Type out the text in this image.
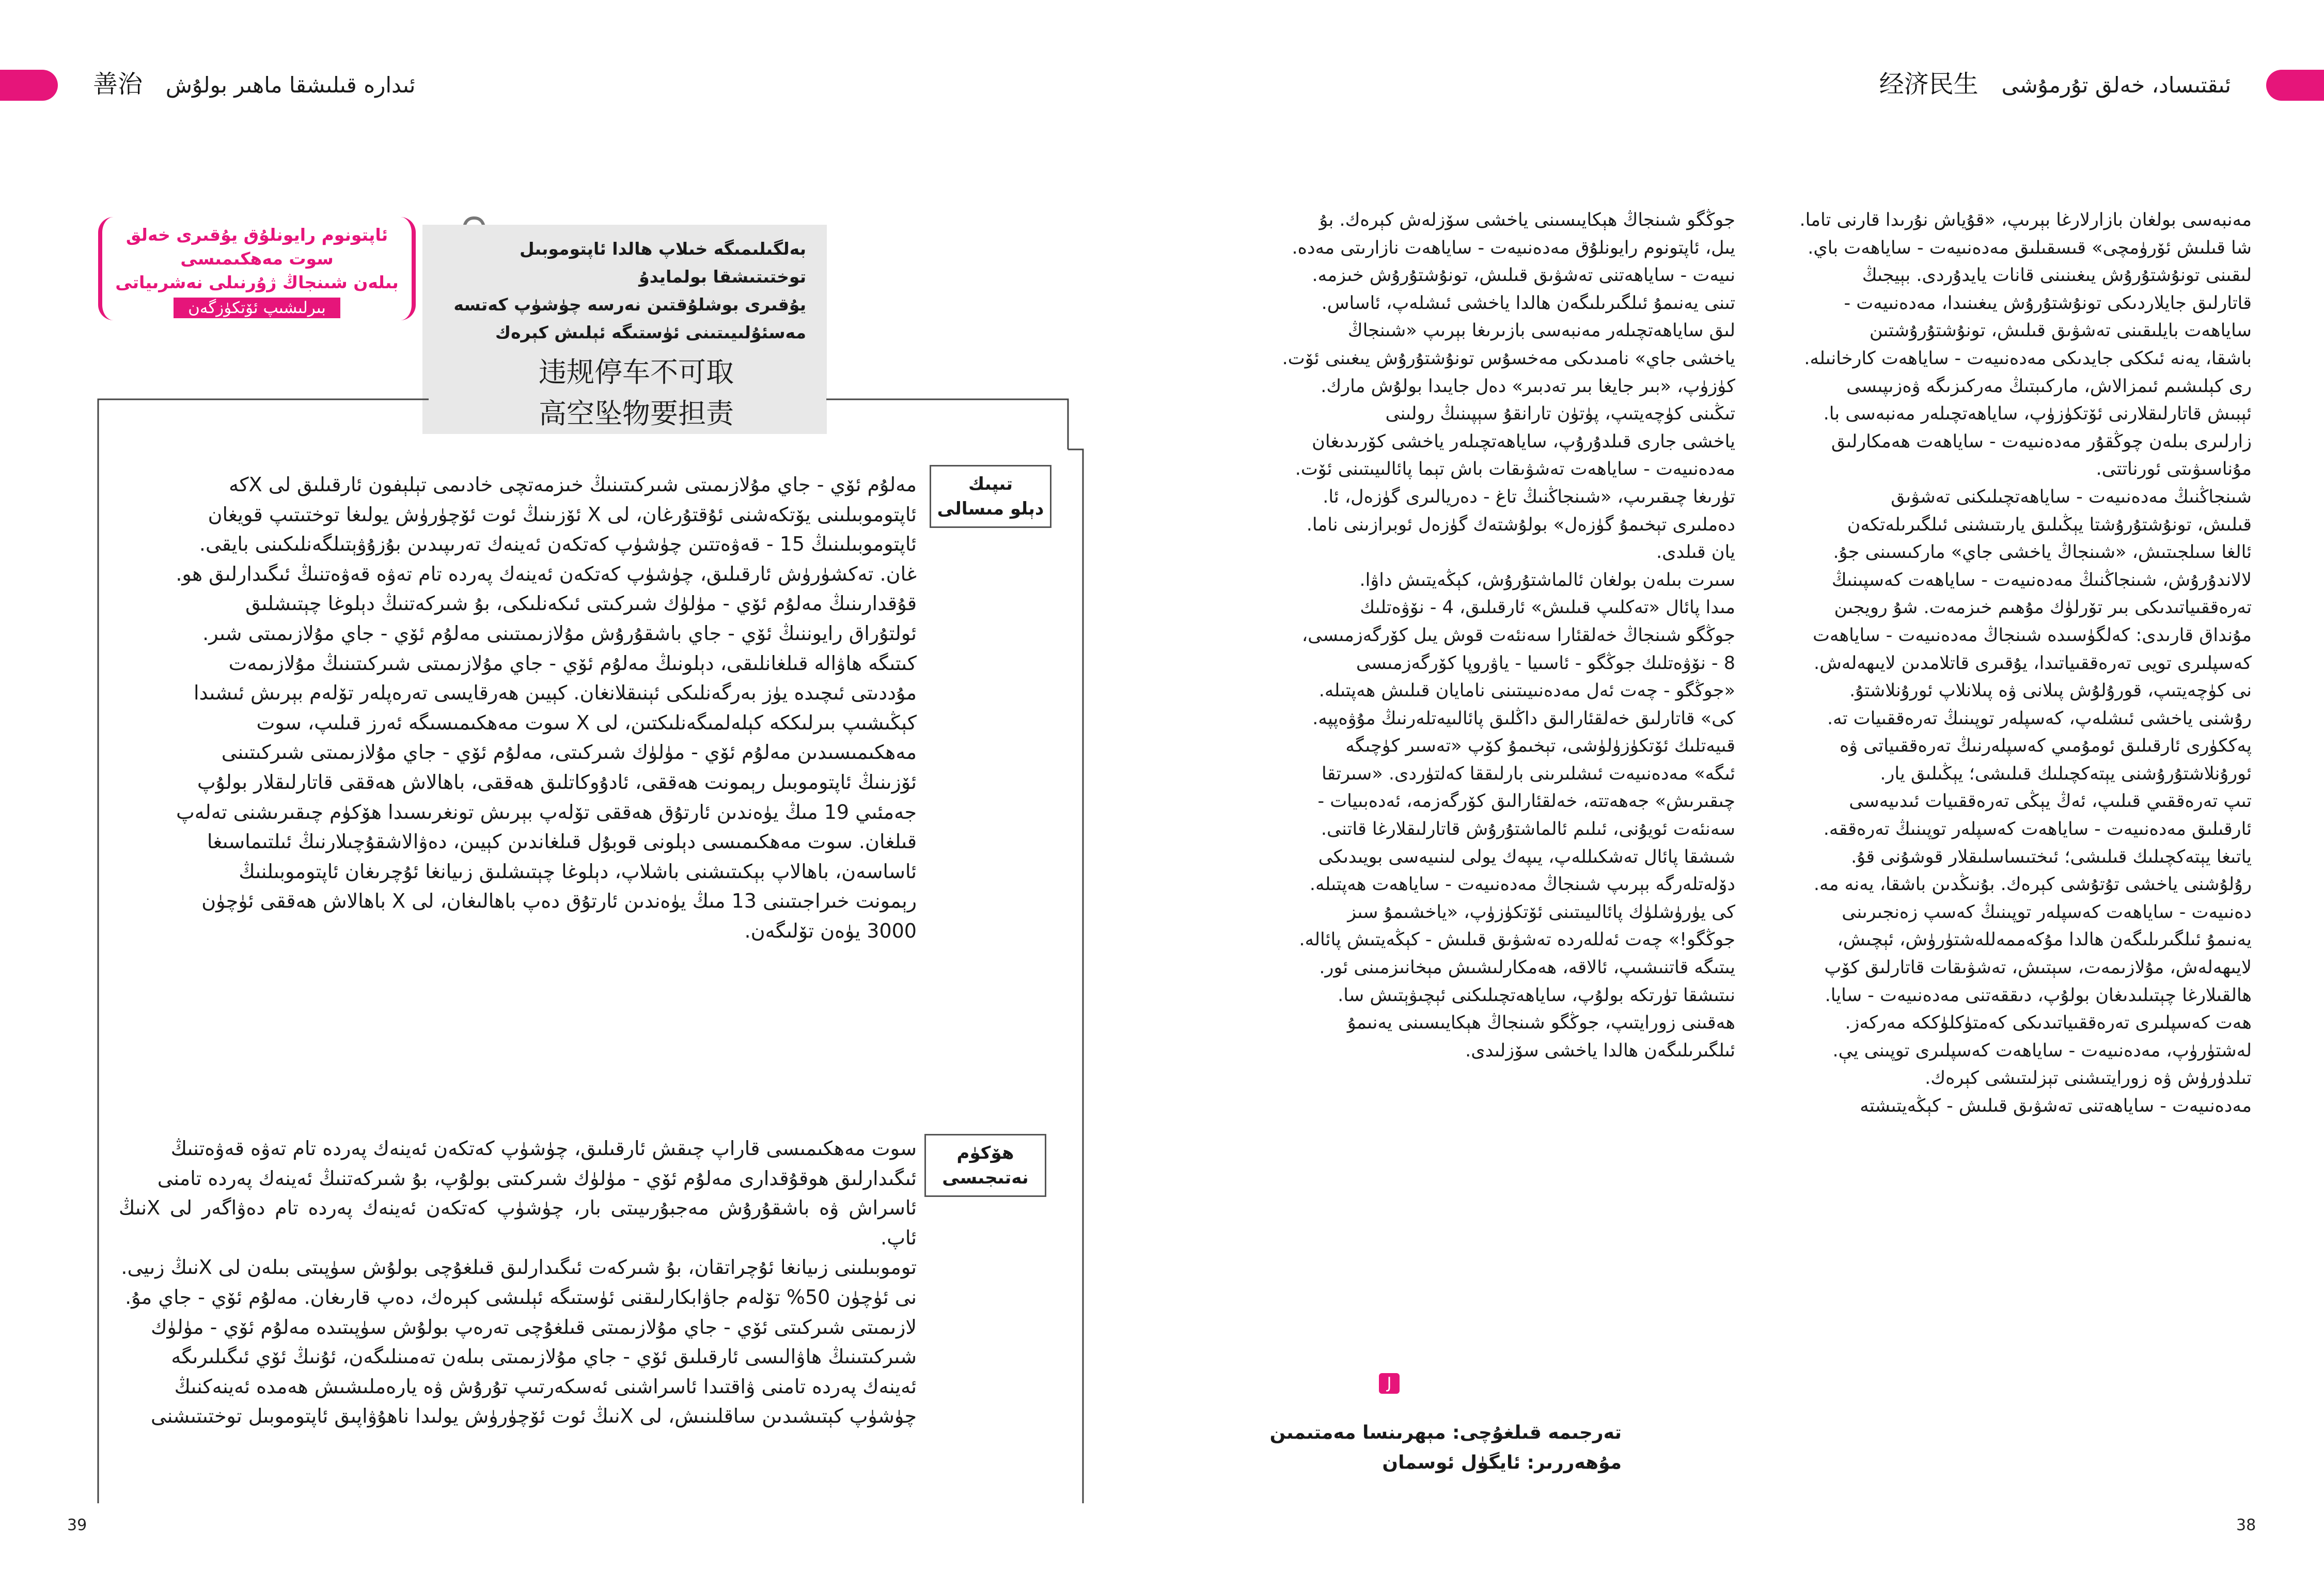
善治 ئىدارە قىلىشقا ماھىر بولۇش	经济民生 ئىقتىساد، خەلق تۇرمۇشى
ئاپتونوم رايونلۇق يۇقىرى خەلق سوت مەھكىمىسى
بىلەن شىنجاڭ ژۇرنىلى نەشرىياتى
بىرلىشىپ ئۆتكۈزگەن
بەلگىلىمىگە خىلاپ ھالدا ئاپتوموبىل توختىتىشقا بولمايدۇ
يۇقىرى بوشلۇقتىن نەرسە چۈشۈپ كەتسە مەسئۇلىيىتىنى ئۈستىگە ئېلىش كېرەك
违规停车不可取
高空坠物要担责
تىپىك
دېلو مىسالى
ھۆكۈم
نەتىجىسى

مەلۇم ئۆي - جاي مۇلازىمىتى شىركىتىنىڭ خىزمەتچى خادىمى تېلېفون ئارقىلىق لى Xكە

ئاپتوموبىلىنى يۆتكەشنى ئۇقتۇرغان، لى X ئۆزىنىڭ ئوت ئۆچۈرۈش يولىغا توختىتىپ قويغان

ئاپتوموبىلىنىڭ 15 - قەۋەتتىن چۈشۈپ كەتكەن ئەينەك تەرىپىدىن بۇزۇۋېتىلگەنلىكىنى بايقى.

غان. تەكشۈرۈش ئارقىلىق، چۈشۈپ كەتكەن ئەينەك پەردە تام تەۋە قەۋەتنىڭ ئىگىدارلىق ھو.

قۇقدارىنىڭ مەلۇم ئۆي - مۈلۈك شىركىتى ئىكەنلىكى، بۇ شىركەتنىڭ دېلوغا چېتىشلىق

ئولتۇراق رايوننىڭ ئۆي - جاي باشقۇرۇش مۇلازىمىتىنى مەلۇم ئۆي - جاي مۇلازىمىتى شىر.

كىتىگە ھاۋالە قىلغانلىقى، دېلونىڭ مەلۇم ئۆي - جاي مۇلازىمىتى شىركىتىنىڭ مۇلازىمەت

مۇددىتى ئىچىدە يۈز بەرگەنلىكى ئېنىقلانغان. كېيىن ھەرقايسى تەرەپلەر تۆلەم بېرىش ئىشىدا

كېڭىشىپ بىرلىككە كېلەلمىگەنلىكتىن، لى X سوت مەھكىمىسىگە ئەرز قىلىپ، سوت

مەھكىمىسىدىن مەلۇم ئۆي - مۈلۈك شىركىتى، مەلۇم ئۆي - جاي مۇلازىمىتى شىركىتىنى

ئۆزىنىڭ ئاپتوموبىل رېمونت ھەققى، ئادۇوكاتلىق ھەققى، باھالاش ھەققى قاتارلىقلار بولۇپ

جەمئىي 19 مىڭ يۈەندىن ئارتۇق ھەققى تۆلەپ بېرىش تونغرىسىدا ھۆكۈم چىقىرىشنى تەلەپ

قىلغان. سوت مەھكىمىسى دېلونى قوبۇل قىلغاندىن كېيىن، دەۋالاشقۇچىلارنىڭ ئىلتىماسىغا

ئاساسەن، باھالاپ بېكىتىشنى باشلاپ، دېلوغا چېتىشلىق زىيانغا ئۇچرىغان ئاپتوموبىلنىڭ

رېمونت خىراجىتىنى 13 مىڭ يۈەندىن ئارتۇق دەپ باھالىغان، لى X باھالاش ھەققى ئۈچۈن

3000 يۈەن تۆلىگەن.

سوت مەھكىمىسى قاراپ چىقش ئارقىلىق، چۈشۈپ كەتكەن ئەينەك پەردە تام تەۋە قەۋەتنىڭ

ئىگىدارلىق ھوقۇقدارى مەلۇم ئۆي - مۈلۈك شىركىتى بولۇپ، بۇ شىركەتنىڭ ئەينەك پەردە تامنى

ئاسراش ۋە باشقۇرۇش مەجبۇرىيىتى بار، چۈشۈپ كەتكەن ئەينەك پەردە تام دەۋاگەر لى Xنىڭ ئاپ.

توموبىلىنى زىيانغا ئۇچراتقان، بۇ شىركەت ئىگىدارلىق قىلغۇچى بولۇش سۈپىتى بىلەن لى Xنىڭ زىيى.

نى ئۈچۈن 50% تۆلەم جاۋابكارلىقنى ئۈستىگە ئېلىشى كېرەك، دەپ قارىغان. مەلۇم ئۆي - جاي مۇ.

لازىمىتى شىركىتى ئۆي - جاي مۇلازىمىتى قىلغۇچى تەرەپ بولۇش سۈپىتىدە مەلۇم ئۆي - مۈلۈك

شىركىتىنىڭ ھاۋالىسى ئارقىلىق ئۆي - جاي مۇلازىمىتى بىلەن تەمىنلىگەن، ئۇنىڭ ئۆي ئىگىلىرىگە

ئەينەك پەردە تامنى ۋاقتىدا ئاسراشنى ئەسكەرتىپ تۇرۇش ۋە يارەملىشىش ھەمدە ئەينەكنىڭ

چۈشۈپ كېتىشىدىن ساقلىنىش، لى Xنىڭ ئوت ئۆچۈرۈش يولىدا ناھۇۋاپىق ئاپتوموبىل توختىتىشنى

39

مەنبەسى بولغان بازارلارغا بېرىپ، «قۇياش نۇرىدا قارنى تاما.

شا قىلىش ئۆرۈمچى» قىسقىلىق مەدەنىيەت - ساياھەت باي.

لىقىنى تونۇشتۇرۇش يىغىنىنى قانات يايدۇردى. بېيجىڭ

قاتارلىق جايلاردىكى تونۇشتۇرۇش يىغىنىدا، مەدەنىيەت -

ساياھەت بايلىقىنى تەشۋىق قىلىش، تونۇشتۇرۇشتىن

باشقا، يەنە ئىككى جايدىكى مەدەنىيەت - ساياھەت كارخانىلە.

رى كېلىشىم ئىمزالاش، ماركىبتىڭ مەركىزىگە ۋەزىپىسى

ئېبىش قاتارلىقلارنى ئۆتكۈزۈپ، ساياھەتچىلەر مەنبەسى با.

زارلىرى بىلەن چوڭقۇر مەدەنىيەت - ساياھەت ھەمكارلىق

مۇناسىۋىتى ئورناتتى.

شىنجاڭنىڭ مەدەنىيەت - ساياھەتچىلىكنى تەشۋىق

قىلىش، تونۇشتۇرۇشتا يېڭىلىق يارىتىشنى ئىلگىرىلەتكەن

ئالغا سىلجىتىش، «شىنجاڭ ياخشى جاي» ماركىسىنى جۇ.

لالاندۇرۇش، شىنجاڭنىڭ مەدەنىيەت - ساياھەت كەسپىنىڭ

تەرەققىياتىدىكى بىر تۆرلۈك مۇھىم خىزمەت. شۇ رويجىن

مۇنداق قارىدى: كەلگۈسىدە شىنجاڭ مەدەنىيەت - ساياھەت

كەسپلىرى تويى تەرەققىياتىدا، يۇقىرى قاتلامدىن لايىھەلەش.

نى كۈچەيتىپ، قورۇلۇش پىلانى ۋە پىلانلاپ ئورۇنلاشتۇ.

رۇشنى ياخشى ئىشلەپ، كەسپلەر توپىنىڭ تەرەققىيات تە.

پەككۈرى ئارقىلىق ئومۇمىي كەسپلەرنىڭ تەرەققىياتى ۋە

ئورۇنلاشتۇرۇشنى يېتەكچىلىك قىلىشى؛ يېڭىلىق يار.

تىپ تەرەققىي قىلىپ، ئەڭ يېڭى تەرەققىيات ئىدىيەسى

ئارقىلىق مەدەنىيەت - ساياھەت كەسپلەر توپىنىڭ تەرەققە.

ياتىغا يېتەكچىلىك قىلىشى؛ ئىختىساسلىقلار قوشۇنى قۇ.

رۇلۇشنى ياخشى تۇتۇشى كېرەك. بۇنىڭدىن باشقا، يەنە مە.

دەنىيەت - ساياھەت كەسپلەر توپىنىڭ كەسپ زەنجىرىنى

يەنىمۇ ئىلگىرىلىگەن ھالدا مۇكەممەللەشتۈرۈش، ئېچىش،

لايىھەلەش، مۇلازىمەت، سېتىش، تەشۋىقات قاتارلىق كۆپ

ھالقىلارغا چېتىلىدىغان بولۇپ، دىققەتنى مەدەنىيەت - سايا.

ھەت كەسپلىرى تەرەققىياتىدىكى كەمتۈكلۈككە مەركەز.

لەشتۈرۈپ، مەدەنىيەت - ساياھەت كەسپلىرى توپىنى يې.

تىلدۈرۈش ۋە زورايتىشنى تېزلىتىشى كېرەك.

مەدەنىيەت - ساياھەتنى تەشۋىق قىلىش - كېڭەيتىشتە

جوڭگو شىنجاڭ ھېكايىسىنى ياخشى سۆزلەش كېرەك. بۇ

يىل، ئاپتونوم رايونلۇق مەدەنىيەت - ساياھەت نازارىتى مەدە.

نىيەت - ساياھەتنى تەشۋىق قىلىش، تونۇشتۇرۇش خىزمە.

تىنى يەنىمۇ ئىلگىرىلىگەن ھالدا ياخشى ئىشلەپ، ئاساس.

لىق ساياھەتچىلەر مەنبەسى بازىرىغا بېرىپ «شىنجاڭ

ياخشى جاي» نامىدىكى مەخسۇس تونۇشتۇرۇش يىغىنى ئۆت.

كۈزۈپ، «بىر جايغا بىر تەدبىر» دەل جايىدا بولۇش مارك.

تىڭىنى كۈچەيتىپ، پۈتۈن تارانقۇ سېپىنىڭ رولىنى

ياخشى جارى قىلدۇرۇپ، ساياھەتچىلەر ياخشى كۆرىدىغان

مەدەنىيەت - ساياھەت تەشۋىقات باش تېما پائالىيىتىنى ئۆت.

تۈرىغا چىقىرىپ، «شىنجاڭنىڭ تاغ - دەريالىرى گۈزەل، ئا.

دەملىرى تېخىمۇ گۈزەل» بولۇشتەك گۈزەل ئوبرازىنى ناما.

يان قىلدى.

سىرت بىلەن بولغان ئالماشتۇرۇش، كېڭەيتىش داۋا.

مىدا پائال «تەكلىپ قىلىش» ئارقىلىق، 4 - نۆۋەتلىك

جوڭگو شىنجاڭ خەلقئارا سەنئەت قوش يىل كۆرگەزمىسى،

8 - نۆۋەتلىك جوڭگو - ئاسىيا - ياۋروپا كۆرگەزمىسى

«جوڭگو - چەت ئەل مەدەنىيىتىنى نامايان قىلىش ھەپتىلە.

كى» قاتارلىق خەلقئارالىق داڭلىق پائالىيەتلەرنىڭ مۇۋەپپە.

قىيەتلىك ئۆتكۈزۈلۈشى، تېخىمۇ كۆپ «تەسىر كۈچىگە

ئىگە» مەدەنىيەت ئىشلىرىنى بارلىققا كەلتۈردى. «سىرتقا

چىقىرىش» جەھەتتە، خەلقئارالىق كۆرگەزمە، ئەدەبىيات -

سەنئەت ئويۇنى، ئىلىم ئالماشتۇرۇش قاتارلىقلارغا قاتنى.

شىشقا پائال تەشكىللەپ، يىپەك يولى لىنىيەسى بويىدىكى

دۆلەتلەرگە بېرىپ شىنجاڭ مەدەنىيەت - ساياھەت ھەپتىلە.

كى يۈرۈشلۈك پائالىيىتىنى ئۆتكۈزۈپ، «ياخشىمۇ سىز

جوڭگو!» چەت ئەللەردە تەشۋىق قىلىش - كېڭەيتىش پائالە.

يىتىگە قاتنىشىپ، ئالاقە، ھەمكارلىشىش مېخانىزمىنى ئور.

نىتىشقا تۈرتكە بولۇپ، ساياھەتچىلىكنى ئېچىۋېتىش سا.

ھەقىنى زورايتىپ، جوڭگو شىنجاڭ ھېكايىسىنى يەنىمۇ

ئىلگىرىلىگەن ھالدا ياخشى سۆزلىدى.

J
تەرجىمە قىلغۇچى: مېھرىنسا مەمتىمىن
مۇھەررىر: ئايگۈل ئوسمان
38
